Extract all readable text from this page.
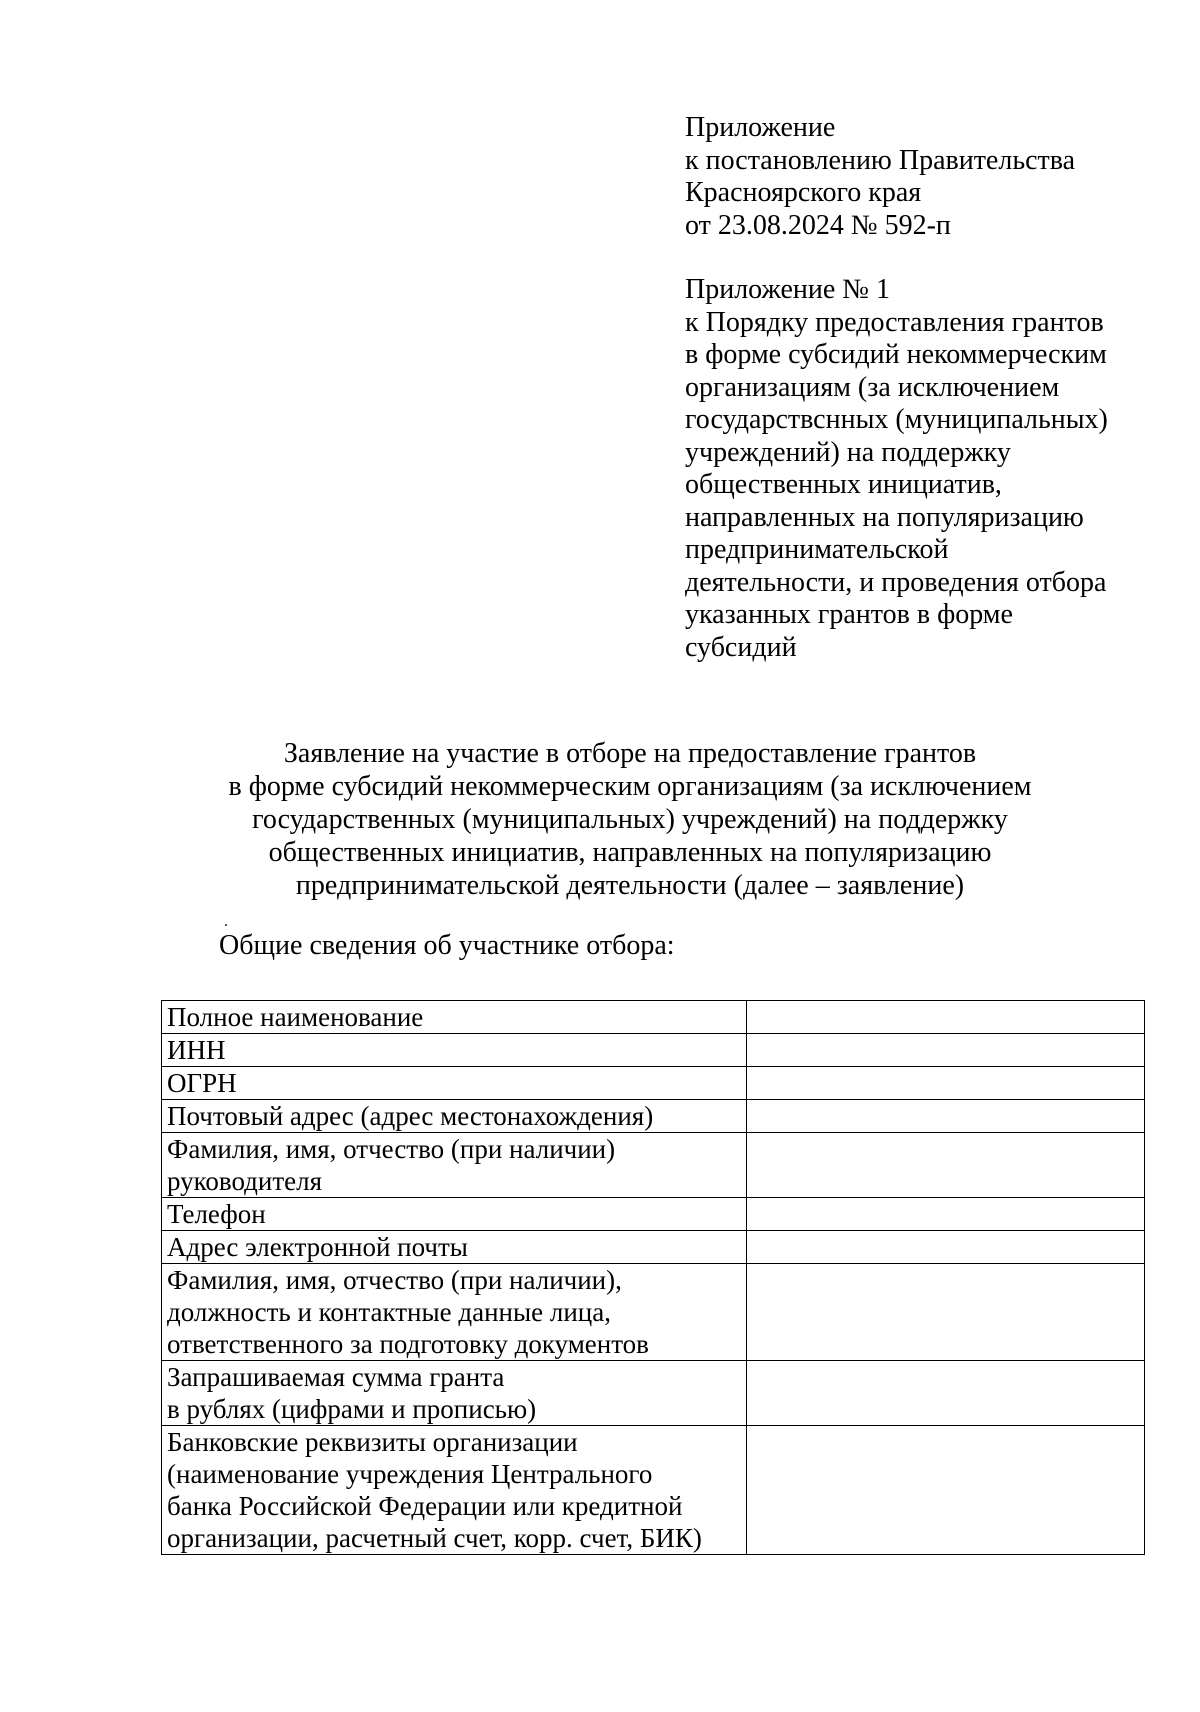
Приложение
к постановлению Правительства
Красноярского края
от 23.08.2024 № 592-п
Приложение № 1
к Порядку предоставления грантов
в форме субсидий некоммерческим
организациям (за исключением
государствснных (муниципальных)
учреждений) на поддержку
общественных инициатив,
направленных на популяризацию
предпринимательской
деятельности, и проведения отбора
указанных грантов в форме
субсидий
Заявление на участие в отборе на предоставление грантов
в форме субсидий некоммерческим организациям (за исключением
государственных (муниципальных) учреждений) на поддержку
общественных инициатив, направленных на популяризацию
предпринимательской деятельности (далее – заявление)
Общие сведения об участнике отбора:
Полное наименование	

ИНН	

ОГРН	

Почтовый адрес (адрес местонахождения)	

Фамилия, имя, отчество (при наличии)
руководителя	

Телефон	

Адрес электронной почты	

Фамилия, имя, отчество (при наличии),
должность и контактные данные лица,
ответственного за подготовку документов	

Запрашиваемая сумма гранта
в рублях (цифрами и прописью)	

Банковские реквизиты организации
(наименование учреждения Центрального
банка Российской Федерации или кредитной
организации, расчетный счет, корр. счет, БИК)	
